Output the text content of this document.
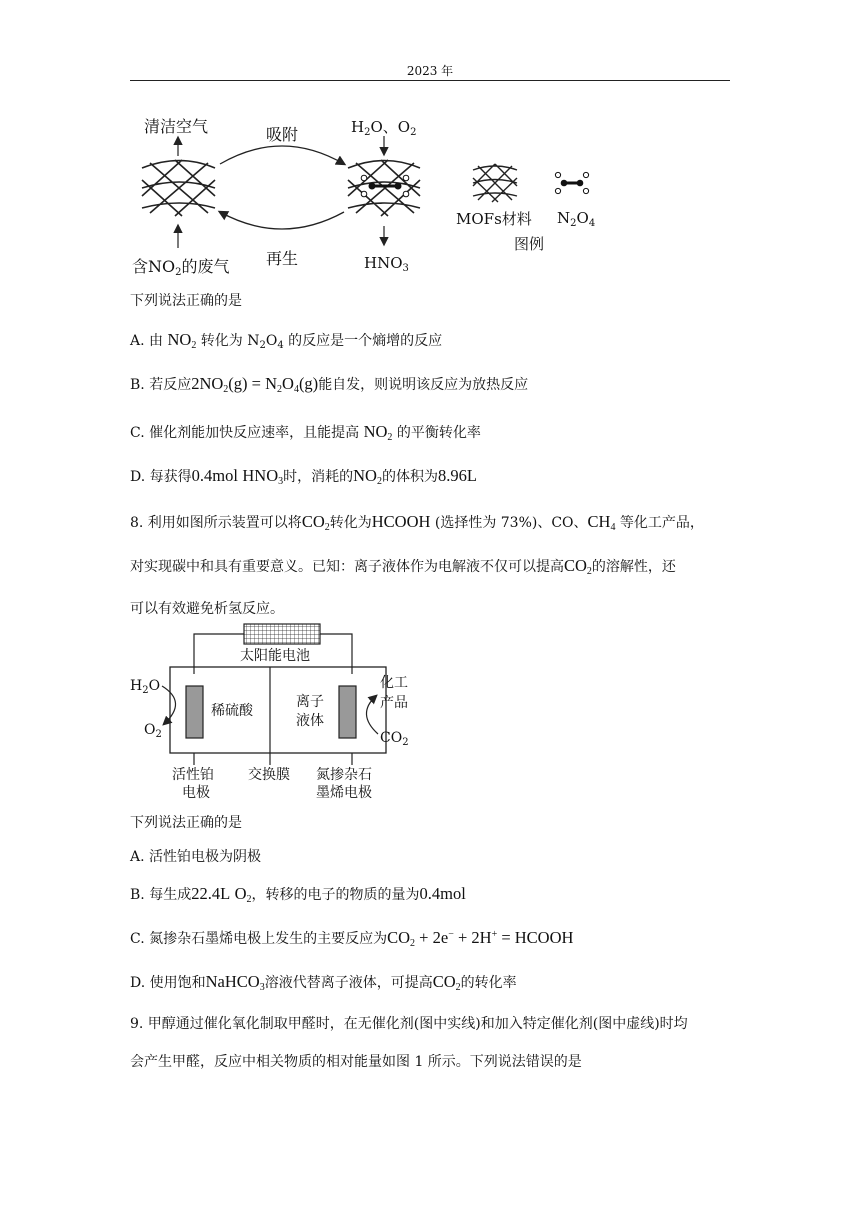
2023 年
清洁空气	吸附	$H_2O$、$O_2$
再生
含$NO_2$的废气	$HNO_3$
MOFs材料 $N_2O_4$
图例
下列说法正确的是
A. 由 $NO_2$ 转化为 $N_2O_4$ 的反应是一个熵增的反应
B. 若反应$2NO_2(g) = N_2O_4(g)$能自发，则说明该反应为放热反应
C. 催化剂能加快反应速率，且能提高 $NO_2$ 的平衡转化率
D. 每获得0.4mol $HNO_3$时，消耗的$NO_2$的体积为8.96L
8. 利用如图所示装置可以将$CO_2$转化为HCOOH (选择性为 73%)、CO、$CH_4$ 等化工产品，
对实现碳中和具有重要意义。已知：离子液体作为电解液不仅可以提高$CO_2$的溶解性，还
可以有效避免析氢反应。
太阳能电池
$H_2O$
$O_2$
稀硫酸
离子
液体
化工
产品
$CO_2$
活性铂
电极
交换膜 氮掺杂石
墨烯电极
下列说法正确的是
A. 活性铂电极为阴极
B. 每生成22.4L $O_2$，转移的电子的物质的量为0.4mol
C. 氮掺杂石墨烯电极上发生的主要反应为$CO_2 + 2e^- + 2H^+$ = HCOOH
D. 使用饱和NaHCO$_3$溶液代替离子液体，可提高$CO_2$的转化率
9. 甲醇通过催化氧化制取甲醛时，在无催化剂(图中实线)和加入特定催化剂(图中虚线)时均
会产生甲醛，反应中相关物质的相对能量如图 1 所示。下列说法错误的是
